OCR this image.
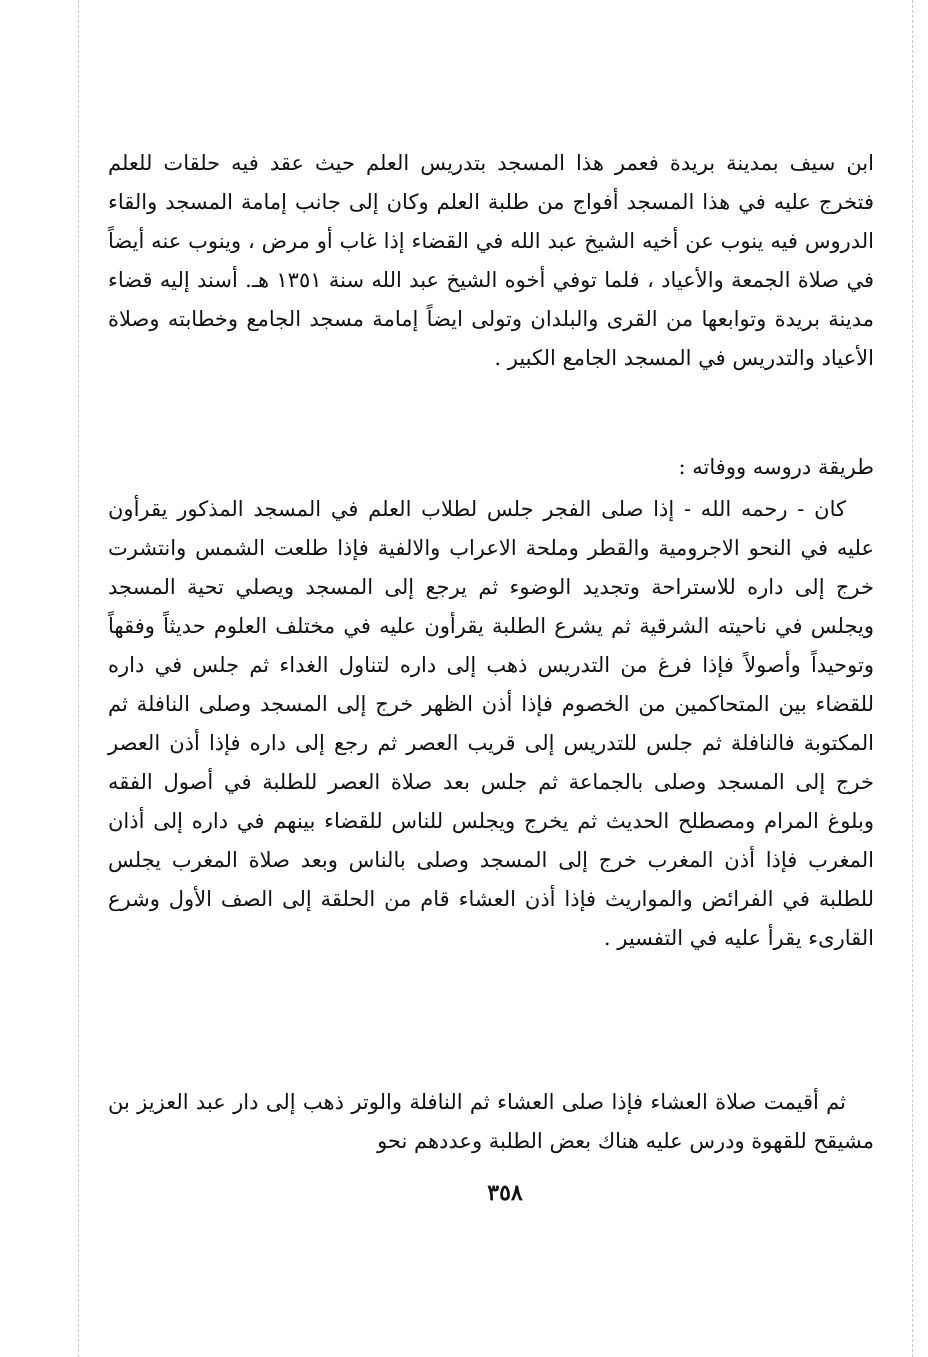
ابن سيف بمدينة بريدة فعمر هذا المسجد بتدريس العلم حيث عقد فيه حلقات للعلم فتخرج عليه في هذا المسجد أفواج من طلبة العلم وكان إلى جانب إمامة المسجد والقاء الدروس فيه ينوب عن أخيه الشيخ عبد الله في القضاء إذا غاب أو مرض ، وينوب عنه أيضاً في صلاة الجمعة والأعياد ، فلما توفي أخوه الشيخ عبد الله سنة ١٣٥١ هـ. أسند إليه قضاء مدينة بريدة وتوابعها من القرى والبلدان وتولى ايضاً إمامة مسجد الجامع وخطابته وصلاة الأعياد والتدريس في المسجد الجامع الكبير .
طريقة دروسه ووفاته :
كان - رحمه الله - إذا صلى الفجر جلس لطلاب العلم في المسجد المذكور يقرأون عليه في النحو الاجرومية والقطر وملحة الاعراب والالفية فإذا طلعت الشمس وانتشرت خرج إلى داره للاستراحة وتجديد الوضوء ثم يرجع إلى المسجد ويصلي تحية المسجد ويجلس في ناحيته الشرقية ثم يشرع الطلبة يقرأون عليه في مختلف العلوم حديثاً وفقهاً وتوحيداً وأصولاً فإذا فرغ من التدريس ذهب إلى داره لتناول الغداء ثم جلس في داره للقضاء بين المتحاكمين من الخصوم فإذا أذن الظهر خرج إلى المسجد وصلى النافلة ثم المكتوبة فالنافلة ثم جلس للتدريس إلى قريب العصر ثم رجع إلى داره فإذا أذن العصر خرج إلى المسجد وصلى بالجماعة ثم جلس بعد صلاة العصر للطلبة في أصول الفقه وبلوغ المرام ومصطلح الحديث ثم يخرج ويجلس للناس للقضاء بينهم في داره إلى أذان المغرب فإذا أذن المغرب خرج إلى المسجد وصلى بالناس وبعد صلاة المغرب يجلس للطلبة في الفرائض والمواريث فإذا أذن العشاء قام من الحلقة إلى الصف الأول وشرع القارىء يقرأ عليه في التفسير .
ثم أقيمت صلاة العشاء فإذا صلى العشاء ثم النافلة والوتر ذهب إلى دار عبد العزيز بن مشيقح للقهوة ودرس عليه هناك بعض الطلبة وعددهم نحو
٣٥٨
